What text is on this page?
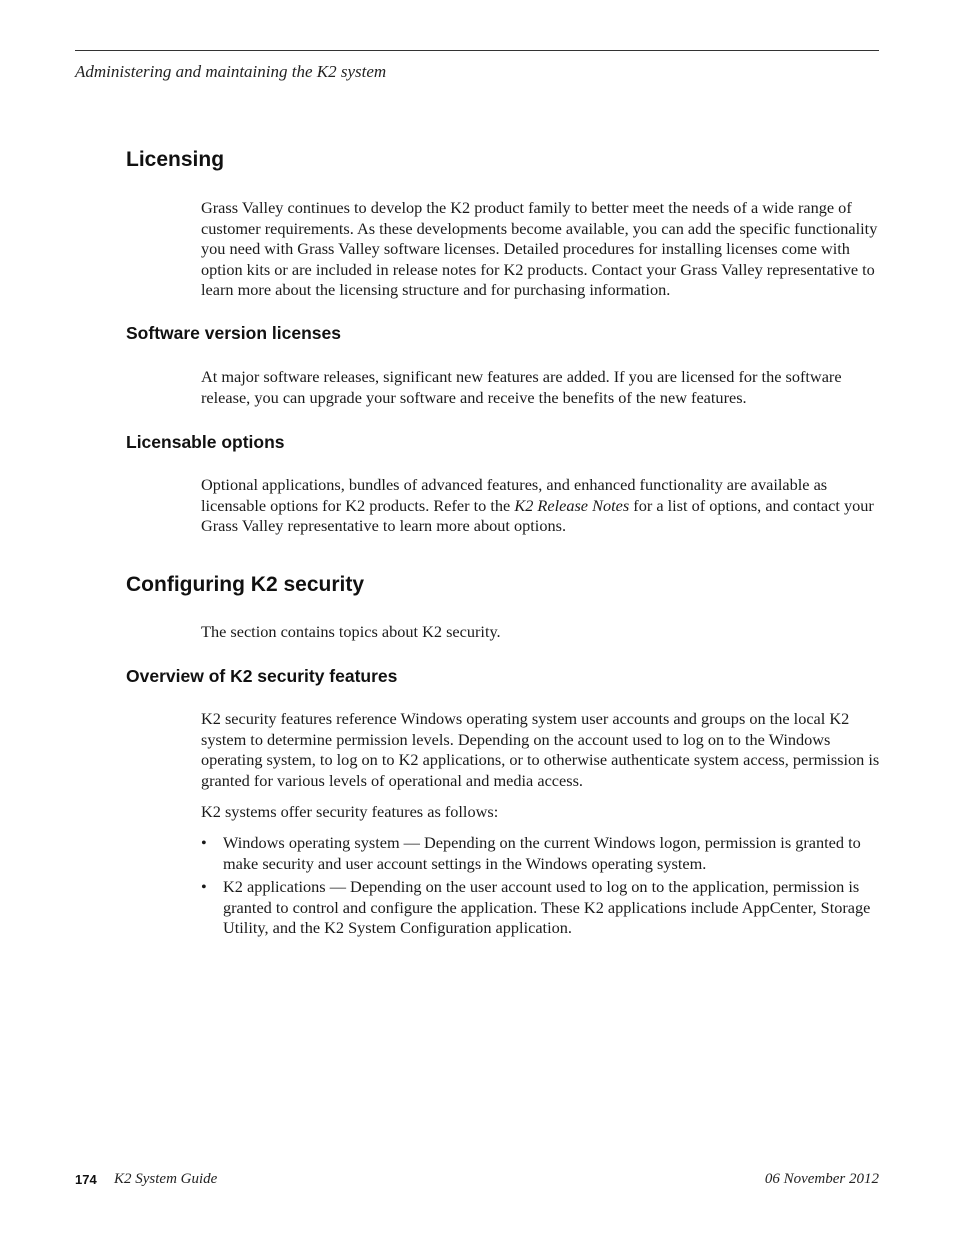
Administering and maintaining the K2 system
Licensing

Grass Valley continues to develop the K2 product family to better meet the needs of a wide range of customer requirements. As these developments become available, you can add the specific functionality you need with Grass Valley software licenses. Detailed procedures for installing licenses come with option kits or are included in release notes for K2 products. Contact your Grass Valley representative to learn more about the licensing structure and for purchasing information.

Software version licenses

At major software releases, significant new features are added. If you are licensed for the software release, you can upgrade your software and receive the benefits of the new features.

Licensable options

Optional applications, bundles of advanced features, and enhanced functionality are available as licensable options for K2 products. Refer to the K2 Release Notes for a list of options, and contact your Grass Valley representative to learn more about options.

Configuring K2 security

The section contains topics about K2 security.

Overview of K2 security features

K2 security features reference Windows operating system user accounts and groups on the local K2 system to determine permission levels. Depending on the account used to log on to the Windows operating system, to log on to K2 applications, or to otherwise authenticate system access, permission is granted for various levels of operational and media access.

K2 systems offer security features as follows:

• Windows operating system — Depending on the current Windows logon, permission is granted to make security and user account settings in the Windows operating system.
• K2 applications — Depending on the user account used to log on to the application, permission is granted to control and configure the application. These K2 applications include AppCenter, Storage Utility, and the K2 System Configuration application.
174 K2 System Guide	06 November 2012
